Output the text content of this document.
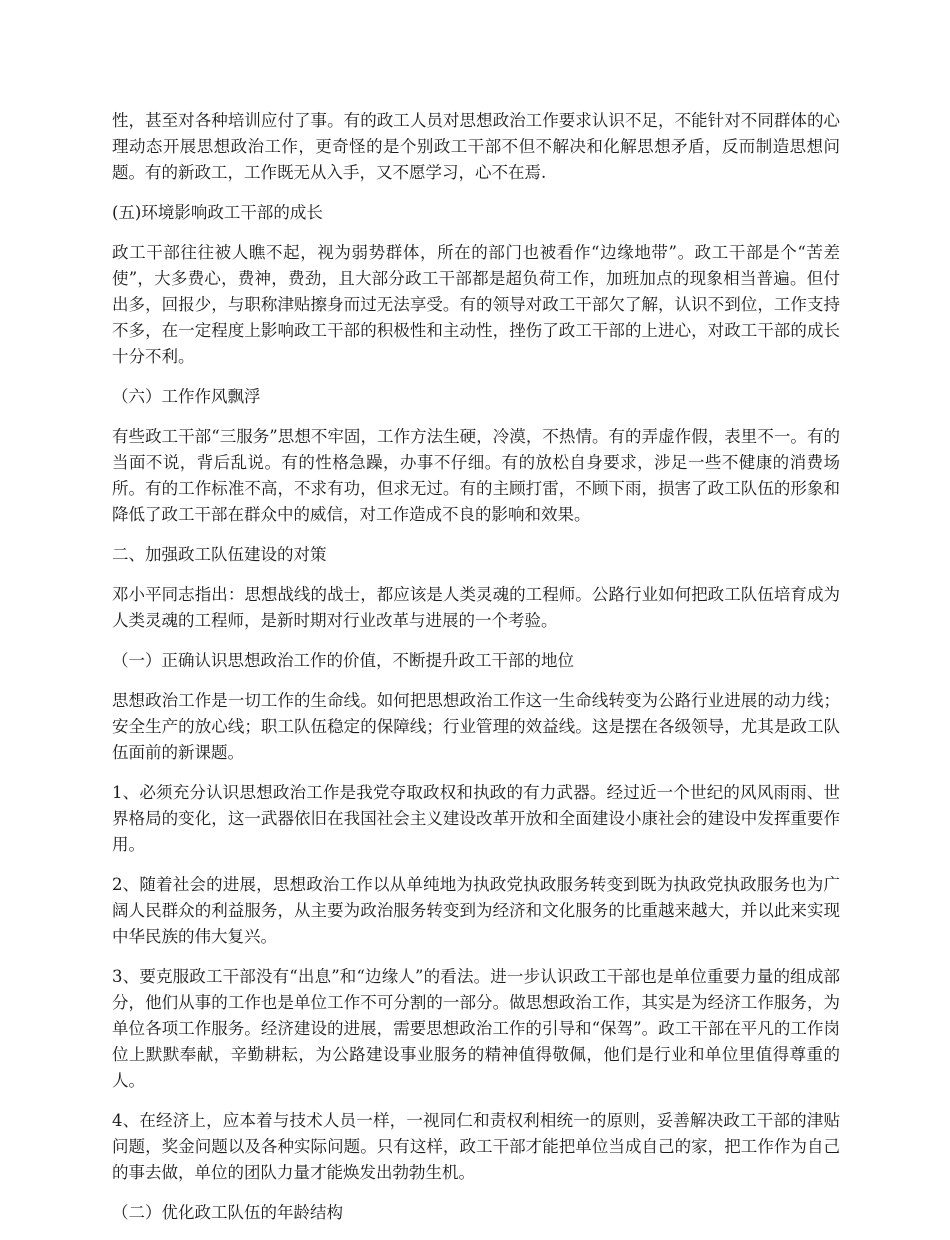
性，甚至对各种培训应付了事。有的政工人员对思想政治工作要求认识不足，不能针对不同群体的心理动态开展思想政治工作，更奇怪的是个别政工干部不但不解决和化解思想矛盾，反而制造思想问题。有的新政工，工作既无从入手，又不愿学习，心不在焉.

(五)环境影响政工干部的成长

政工干部往往被人瞧不起，视为弱势群体，所在的部门也被看作“边缘地带”。政工干部是个“苦差使”，大多费心，费神，费劲，且大部分政工干部都是超负荷工作，加班加点的现象相当普遍。但付出多，回报少，与职称津贴擦身而过无法享受。有的领导对政工干部欠了解，认识不到位，工作支持不多，在一定程度上影响政工干部的积极性和主动性，挫伤了政工干部的上进心，对政工干部的成长十分不利。

（六）工作作风飘浮

有些政工干部“三服务”思想不牢固，工作方法生硬，冷漠，不热情。有的弄虚作假，表里不一。有的当面不说，背后乱说。有的性格急躁，办事不仔细。有的放松自身要求，涉足一些不健康的消费场所。有的工作标准不高，不求有功，但求无过。有的主顾打雷，不顾下雨，损害了政工队伍的形象和降低了政工干部在群众中的威信，对工作造成不良的影响和效果。

二、加强政工队伍建设的对策

邓小平同志指出：思想战线的战士，都应该是人类灵魂的工程师。公路行业如何把政工队伍培育成为人类灵魂的工程师，是新时期对行业改革与进展的一个考验。

（一）正确认识思想政治工作的价值，不断提升政工干部的地位

思想政治工作是一切工作的生命线。如何把思想政治工作这一生命线转变为公路行业进展的动力线；安全生产的放心线；职工队伍稳定的保障线；行业管理的效益线。这是摆在各级领导，尤其是政工队伍面前的新课题。

1、必须充分认识思想政治工作是我党夺取政权和执政的有力武器。经过近一个世纪的风风雨雨、世界格局的变化，这一武器依旧在我国社会主义建设改革开放和全面建设小康社会的建设中发挥重要作用。

2、随着社会的进展，思想政治工作以从单纯地为执政党执政服务转变到既为执政党执政服务也为广阔人民群众的利益服务，从主要为政治服务转变到为经济和文化服务的比重越来越大，并以此来实现中华民族的伟大复兴。

3、要克服政工干部没有“出息”和“边缘人”的看法。进一步认识政工干部也是单位重要力量的组成部分，他们从事的工作也是单位工作不可分割的一部分。做思想政治工作，其实是为经济工作服务，为单位各项工作服务。经济建设的进展，需要思想政治工作的引导和“保驾”。政工干部在平凡的工作岗位上默默奉献，辛勤耕耘，为公路建设事业服务的精神值得敬佩，他们是行业和单位里值得尊重的人。

4、在经济上，应本着与技术人员一样，一视同仁和责权利相统一的原则，妥善解决政工干部的津贴问题，奖金问题以及各种实际问题。只有这样，政工干部才能把单位当成自己的家，把工作作为自己的事去做，单位的团队力量才能焕发出勃勃生机。

（二）优化政工队伍的年龄结构
